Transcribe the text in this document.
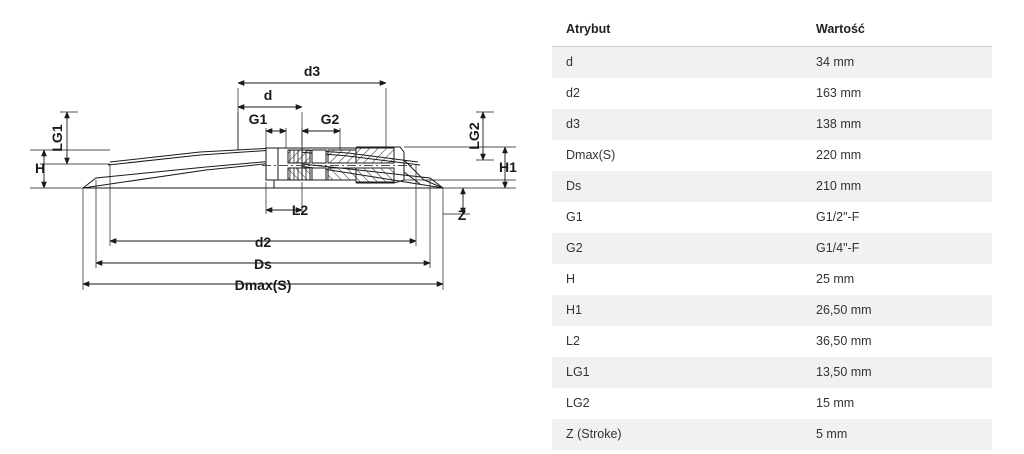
d3
d
G1	G2
L2
d2
Ds
Dmax(S)
Z
H	H1
LG1	LG2
Atrybut	Wartość
d	34 mm
d2	163 mm
d3	138 mm
Dmax(S)	220 mm
Ds	210 mm
G1	G1/2"-F
G2	G1/4"-F
H	25 mm
H1	26,50 mm
L2	36,50 mm
LG1	13,50 mm
LG2	15 mm
Z (Stroke)	5 mm
